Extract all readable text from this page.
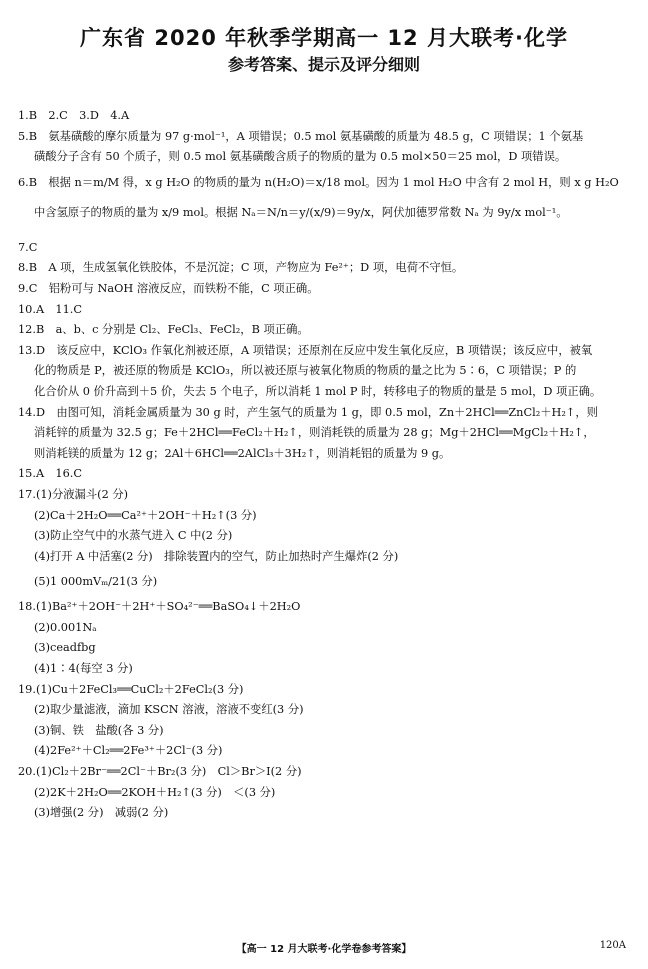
广东省 2020 年秋季学期高一 12 月大联考·化学
参考答案、提示及评分细则
1.B　2.C　3.D　4.A
5.B　氨基磺酸的摩尔质量为 97 g·mol⁻¹，A 项错误；0.5 mol 氨基磺酸的质量为 48.5 g，C 项错误；1 个氨基
磺酸分子含有 50 个质子，则 0.5 mol 氨基磺酸含质子的物质的量为 0.5 mol×50＝25 mol，D 项错误。
6.B　根据 n＝m/M 得，x g H₂O 的物质的量为 n(H₂O)＝x/18 mol。因为 1 mol H₂O 中含有 2 mol H，则 x g H₂O
中含氢原子的物质的量为 x/9 mol。根据 Nₐ＝N/n＝y/(x/9)＝9y/x，阿伏加德罗常数 Nₐ 为 9y/x mol⁻¹。
7.C
8.B　A 项，生成氢氧化铁胶体，不是沉淀；C 项，产物应为 Fe²⁺；D 项，电荷不守恒。
9.C　铝粉可与 NaOH 溶液反应，而铁粉不能，C 项正确。
10.A　11.C
12.B　a、b、c 分别是 Cl₂、FeCl₃、FeCl₂，B 项正确。
13.D　该反应中，KClO₃ 作氧化剂被还原，A 项错误；还原剂在反应中发生氧化反应，B 项错误；该反应中，被氧
化的物质是 P，被还原的物质是 KClO₃，所以被还原与被氧化物质的物质的量之比为 5∶6，C 项错误；P 的
化合价从 0 价升高到＋5 价，失去 5 个电子，所以消耗 1 mol P 时，转移电子的物质的量是 5 mol，D 项正确。
14.D　由图可知，消耗金属质量为 30 g 时，产生氢气的质量为 1 g，即 0.5 mol，Zn＋2HCl══ZnCl₂＋H₂↑，则
消耗锌的质量为 32.5 g；Fe＋2HCl══FeCl₂＋H₂↑，则消耗铁的质量为 28 g；Mg＋2HCl══MgCl₂＋H₂↑，
则消耗镁的质量为 12 g；2Al＋6HCl══2AlCl₃＋3H₂↑，则消耗铝的质量为 9 g。
15.A　16.C
17.(1)分液漏斗(2 分)
(2)Ca＋2H₂O══Ca²⁺＋2OH⁻＋H₂↑(3 分)
(3)防止空气中的水蒸气进入 C 中(2 分)
(4)打开 A 中活塞(2 分)　排除装置内的空气，防止加热时产生爆炸(2 分)
(5)1 000mVₘ/21(3 分)
18.(1)Ba²⁺＋2OH⁻＋2H⁺＋SO₄²⁻══BaSO₄↓＋2H₂O
(2)0.001Nₐ
(3)ceadfbg
(4)1∶4(每空 3 分)
19.(1)Cu＋2FeCl₃══CuCl₂＋2FeCl₂(3 分)
(2)取少量滤液，滴加 KSCN 溶液，溶液不变红(3 分)
(3)铜、铁　盐酸(各 3 分)
(4)2Fe²⁺＋Cl₂══2Fe³⁺＋2Cl⁻(3 分)
20.(1)Cl₂＋2Br⁻══2Cl⁻＋Br₂(3 分)　Cl＞Br＞I(2 分)
(2)2K＋2H₂O══2KOH＋H₂↑(3 分)　＜(3 分)
(3)增强(2 分)　减弱(2 分)
【高一 12 月大联考·化学卷参考答案】	120A
